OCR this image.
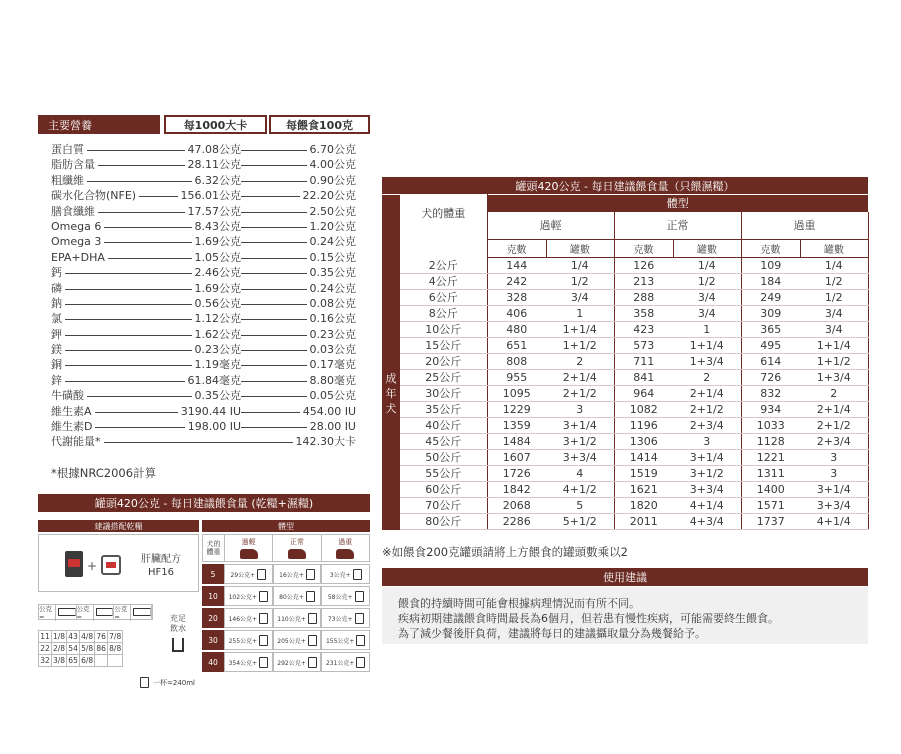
主要營養	每1000大卡	每餵食100克
蛋白質	47.08公克	6.70公克
脂肪含量	28.11公克	4.00公克
粗纖維	6.32公克	0.90公克
碳水化合物(NFE)	156.01公克	22.20公克
膳食纖維	17.57公克	2.50公克
Omega 6	8.43公克	1.20公克
Omega 3	1.69公克	0.24公克
EPA+DHA	1.05公克	0.15公克
鈣	2.46公克	0.35公克
磷	1.69公克	0.24公克
鈉	0.56公克	0.08公克
氯	1.12公克	0.16公克
鉀	1.62公克	0.23公克
鎂	0.23公克	0.03公克
銅	1.19毫克	0.17毫克
鋅	61.84毫克	8.80毫克
牛磺酸	0.35公克	0.05公克
維生素A	3190.44 IU	454.00 IU
維生素D	198.00 IU	28.00 IU
代謝能量*	142.30大卡
*根據NRC2006計算
罐頭420公克 - 每日建議餵食量 (乾糧+濕糧)
建議搭配乾糧	體型
+	肝臟配方
HF16
公克 =
公克 =
公克 =
11	1/8	43	4/8	76	7/8
22	2/8	54	5/8	86	8/8
32	3/8	65	6/8		
充足
飲水
犬的
體重
過輕	正常	過重
5	29公克+	16公克+	3公克+
10	102公克+	80公克+	58公克+
20	146公克+	110公克+	73公克+
30	255公克+	205公克+	155公克+
40	354公克+	292公克+	231公克+
一杯=240ml
罐頭420公克 - 每日建議餵食量（只餵濕糧）
	犬的體重	體型					
		過輕		正常		過重	
		克數	罐數	克數	罐數	克數	罐數
成
年
犬	2公斤	144	1/4	126	1/4	109	1/4
	4公斤	242	1/2	213	1/2	184	1/2
	6公斤	328	3/4	288	3/4	249	1/2
	8公斤	406	1	358	3/4	309	3/4
	10公斤	480	1+1/4	423	1	365	3/4
	15公斤	651	1+1/2	573	1+1/4	495	1+1/4
	20公斤	808	2	711	1+3/4	614	1+1/2
	25公斤	955	2+1/4	841	2	726	1+3/4
	30公斤	1095	2+1/2	964	2+1/4	832	2
	35公斤	1229	3	1082	2+1/2	934	2+1/4
	40公斤	1359	3+1/4	1196	2+3/4	1033	2+1/2
	45公斤	1484	3+1/2	1306	3	1128	2+3/4
	50公斤	1607	3+3/4	1414	3+1/4	1221	3
	55公斤	1726	4	1519	3+1/2	1311	3
	60公斤	1842	4+1/2	1621	3+3/4	1400	3+1/4
	70公斤	2068	5	1820	4+1/4	1571	3+3/4
	80公斤	2286	5+1/2	2011	4+3/4	1737	4+1/4
※如餵食200克罐頭請將上方餵食的罐頭數乘以2
使用建議
餵食的持續時間可能會根據病理情況而有所不同。
疾病初期建議餵食時間最長為6個月，但若患有慢性疾病，可能需要終生餵食。
為了減少餐後肝負荷，建議將每日的建議攝取量分為幾餐給予。
